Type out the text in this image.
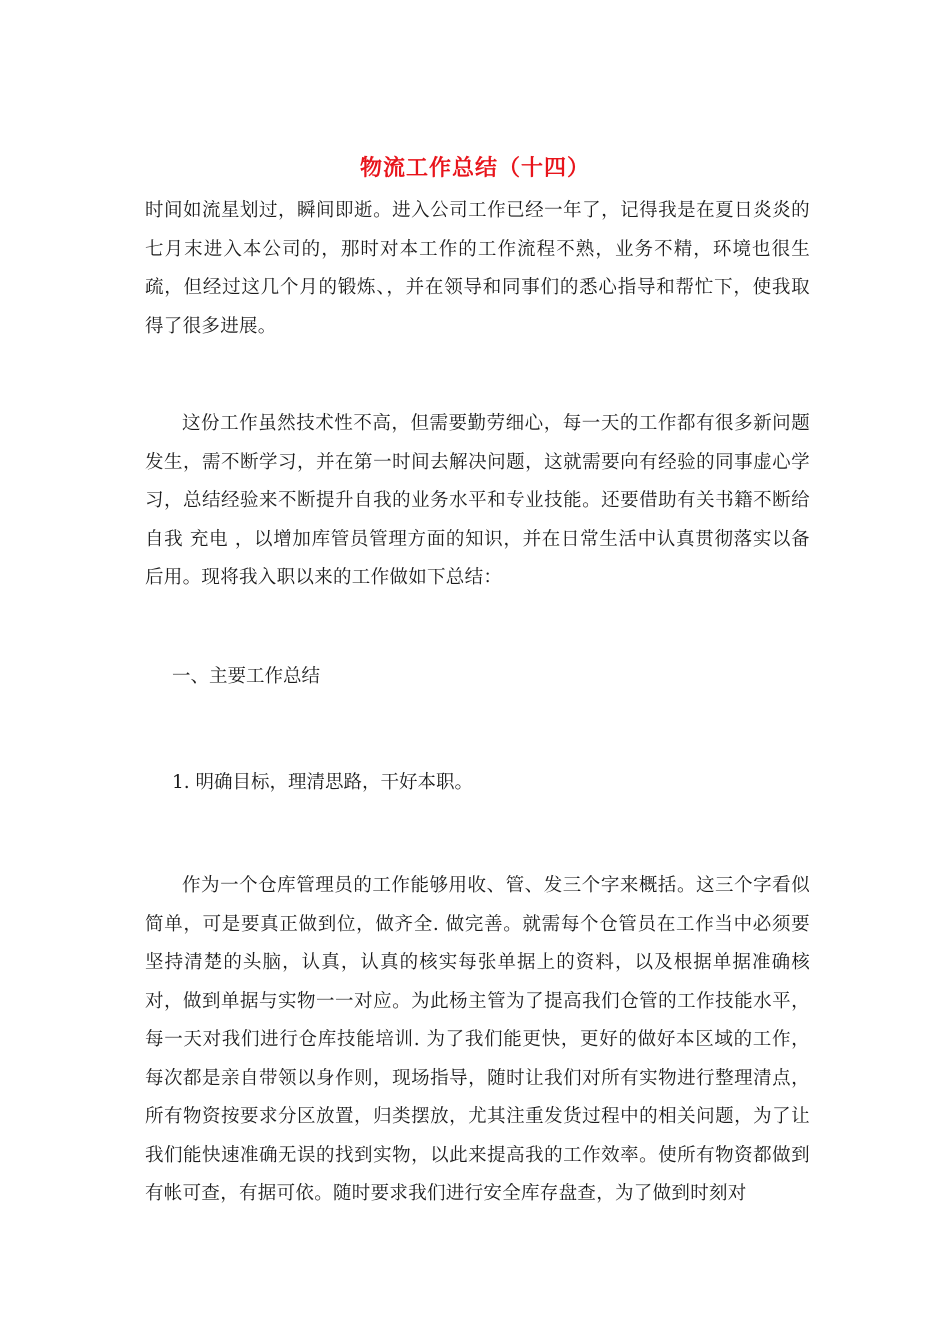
物流工作总结（十四）

时间如流星划过，瞬间即逝。进入公司工作已经一年了，记得我是在夏日炎炎的七月末进入本公司的，那时对本工作的工作流程不熟，业务不精，环境也很生疏，但经过这几个月的锻炼、，并在领导和同事们的悉心指导和帮忙下，使我取得了很多进展。

这份工作虽然技术性不高，但需要勤劳细心，每一天的工作都有很多新问题发生，需不断学习，并在第一时间去解决问题，这就需要向有经验的同事虚心学习，总结经验来不断提升自我的业务水平和专业技能。还要借助有关书籍不断给自我 充电 ，以增加库管员管理方面的知识，并在日常生活中认真贯彻落实以备后用。现将我入职以来的工作做如下总结：

一、主要工作总结

1. 明确目标，理清思路，干好本职。

作为一个仓库管理员的工作能够用收、管、发三个字来概括。这三个字看似简单，可是要真正做到位，做齐全. 做完善。就需每个仓管员在工作当中必须要坚持清楚的头脑，认真，认真的核实每张单据上的资料，以及根据单据准确核对，做到单据与实物一一对应。为此杨主管为了提高我们仓管的工作技能水平，每一天对我们进行仓库技能培训. 为了我们能更快，更好的做好本区域的工作，每次都是亲自带领以身作则，现场指导，随时让我们对所有实物进行整理清点，所有物资按要求分区放置，归类摆放，尤其注重发货过程中的相关问题，为了让我们能快速准确无误的找到实物，以此来提高我的工作效率。使所有物资都做到有帐可查，有据可依。随时要求我们进行安全库存盘查，为了做到时刻对
